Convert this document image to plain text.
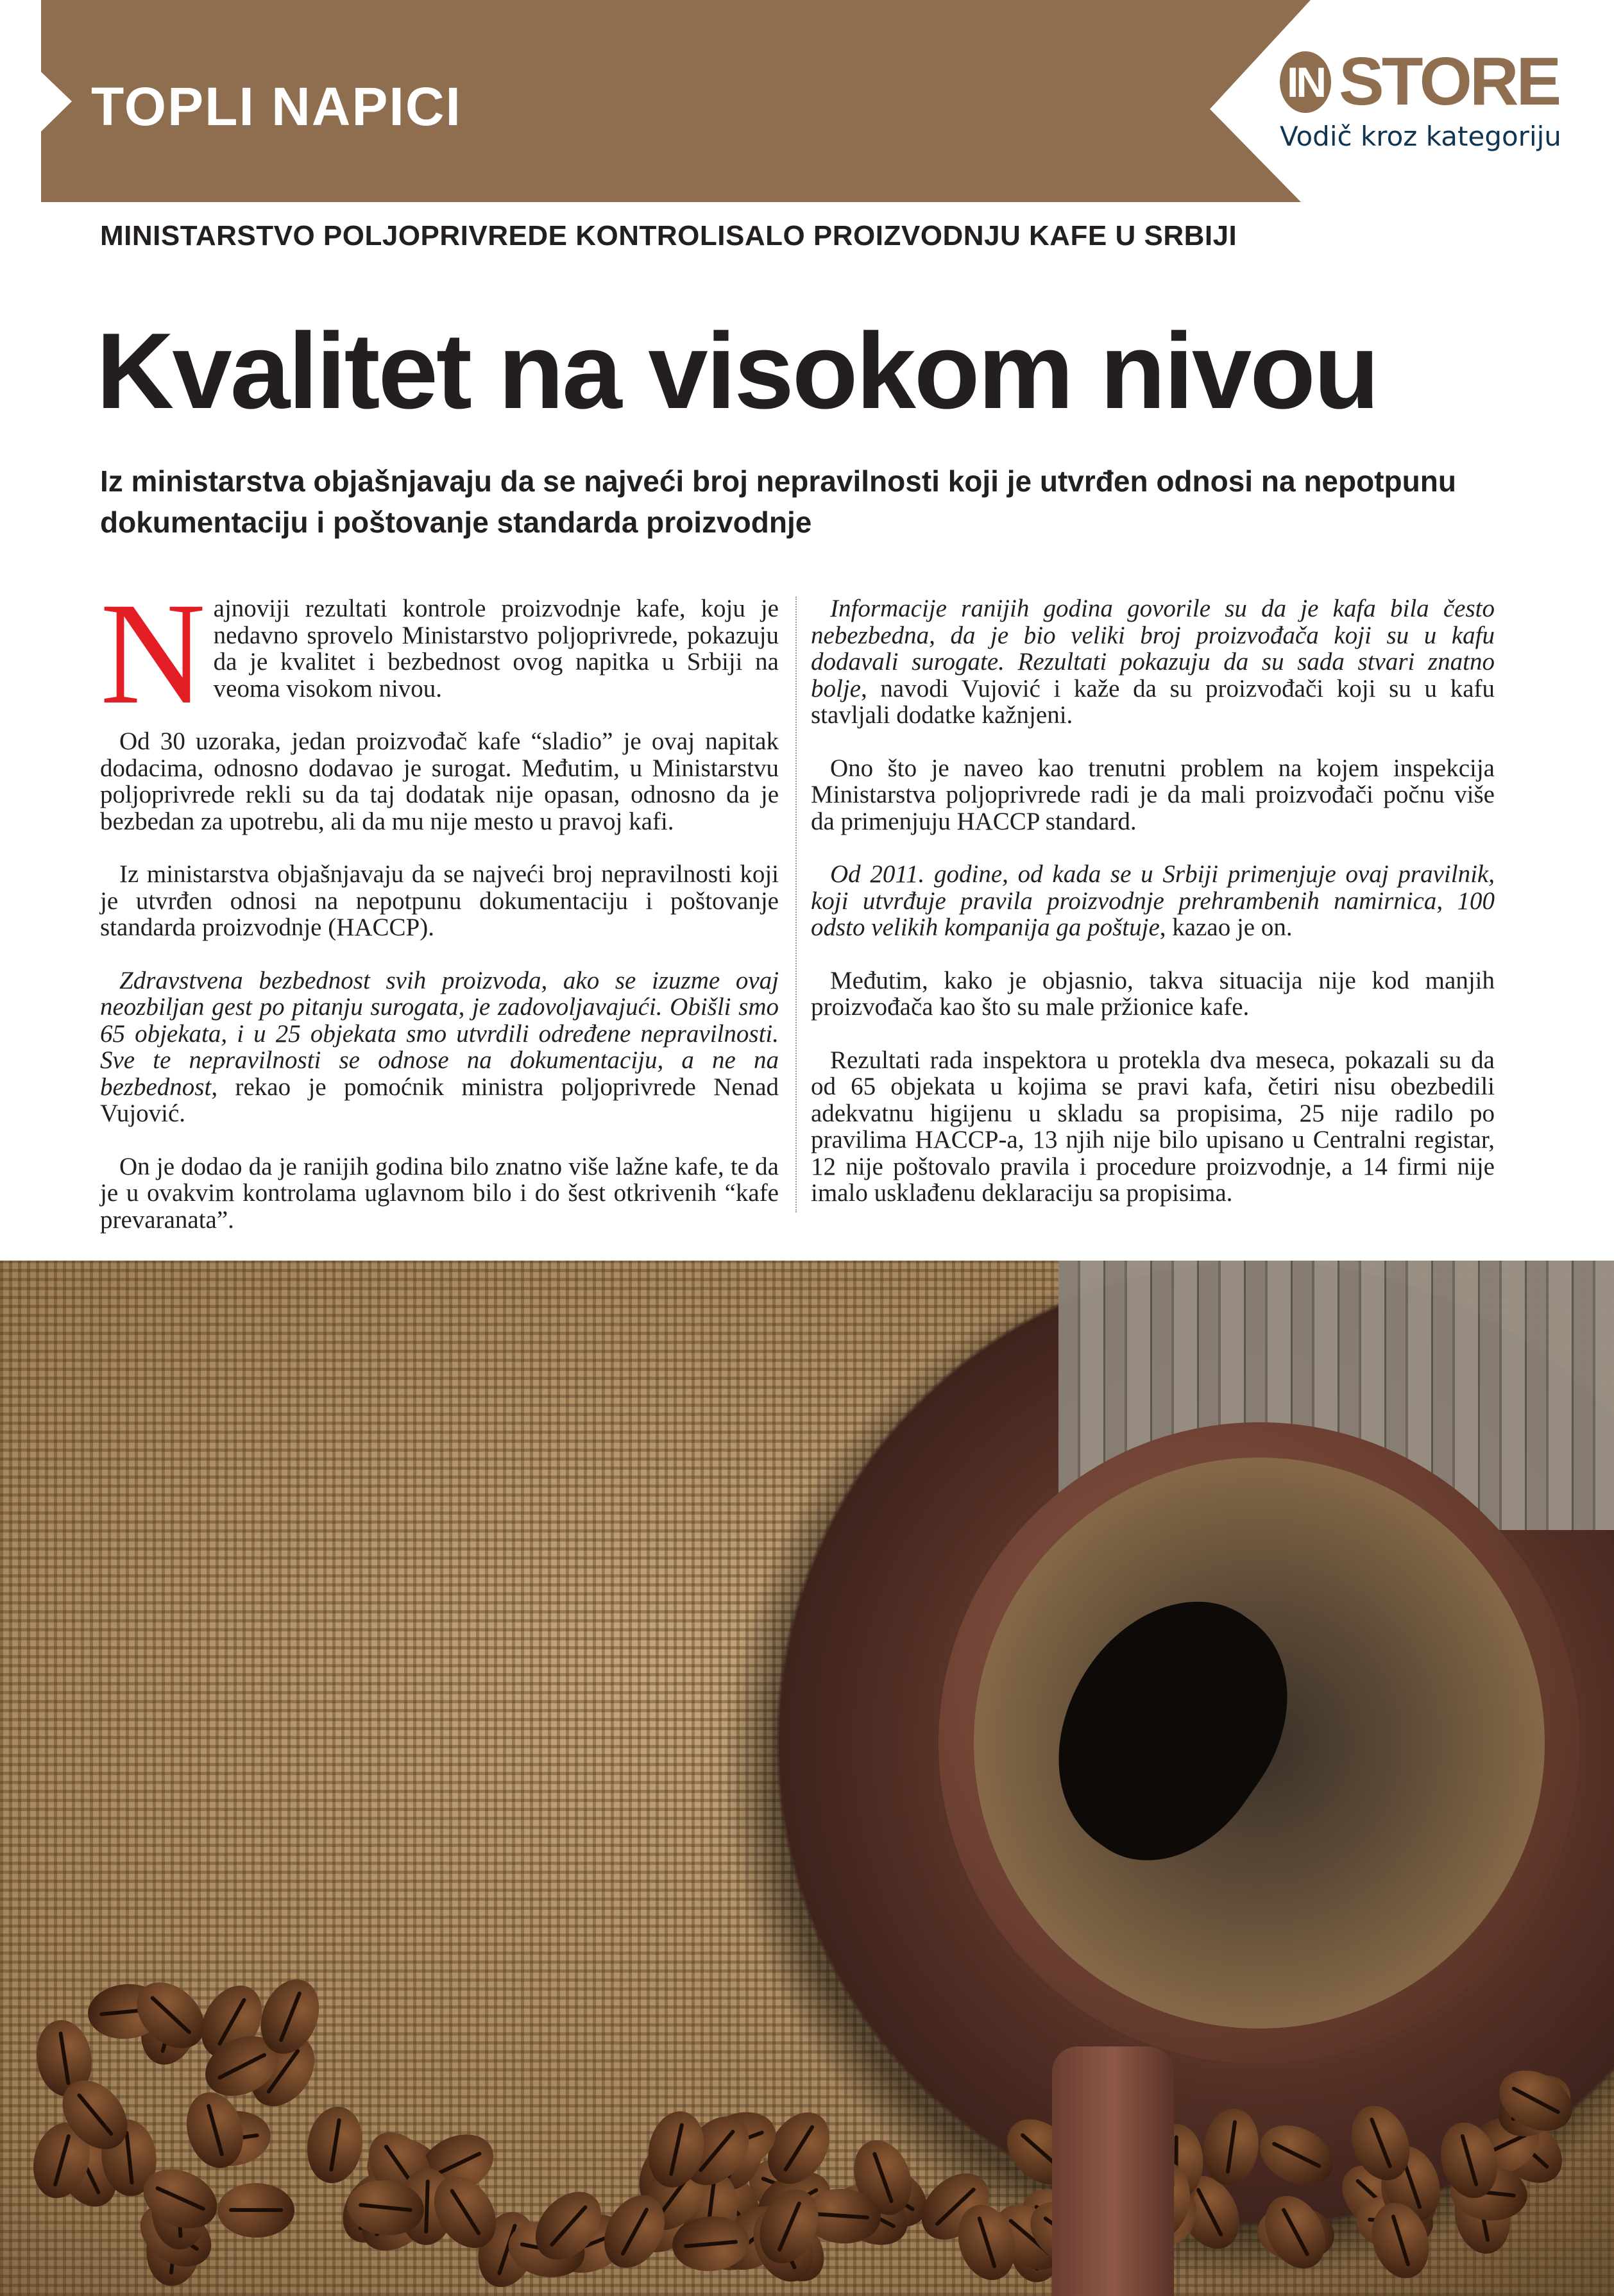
TOPLI NAPICI	IN STORE
Vodič kroz kategoriju
MINISTARSTVO POLJOPRIVREDE KONTROLISALO PROIZVODNJU KAFE U SRBIJI
Kvalitet na visokom nivou
Iz ministarstva objašnjavaju da se najveći broj nepravilnosti koji je utvrđen odnosi na nepotpunu dokumentaciju i poštovanje standarda proizvodnje

Najnoviji rezultati kontrole proizvodnje kafe, koju je nedavno sprovelo Ministarstvo poljoprivrede, pokazuju da je kvalitet i bezbednost ovog napitka u Srbiji na veoma visokom nivou.

Od 30 uzoraka, jedan proizvođač kafe “sladio” je ovaj napitak dodacima, odnosno dodavao je surogat. Međutim, u Ministarstvu poljoprivrede rekli su da taj dodatak nije opasan, odnosno da je bezbedan za upotrebu, ali da mu nije mesto u pravoj kafi.

Iz ministarstva objašnjavaju da se najveći broj nepravilnosti koji je utvrđen odnosi na nepotpunu dokumentaciju i poštovanje standarda proizvodnje (HACCP).

Zdravstvena bezbednost svih proizvoda, ako se izuzme ovaj neozbiljan gest po pitanju surogata, je zadovoljavajući. Obišli smo 65 objekata, i u 25 objekata smo utvrdili određene nepravilnosti. Sve te nepravilnosti se odnose na dokumentaciju, a ne na bezbednost, rekao je pomoćnik ministra poljoprivrede Nenad Vujović.

On je dodao da je ranijih godina bilo znatno više lažne kafe, te da je u ovakvim kontrolama uglavnom bilo i do šest otkrivenih “kafe prevaranata”.

Informacije ranijih godina govorile su da je kafa bila često nebezbedna, da je bio veliki broj proizvođača koji su u kafu dodavali surogate. Rezultati pokazuju da su sada stvari znatno bolje, navodi Vujović i kaže da su proizvođači koji su u kafu stavljali dodatke kažnjeni.

Ono što je naveo kao trenutni problem na kojem inspekcija Ministarstva poljoprivrede radi je da mali proizvođači počnu više da primenjuju HACCP standard.

Od 2011. godine, od kada se u Srbiji primenjuje ovaj pravilnik, koji utvrđuje pravila proizvodnje prehrambenih namirnica, 100 odsto velikih kompanija ga poštuje, kazao je on.

Međutim, kako je objasnio, takva situacija nije kod manjih proizvođača kao što su male pržionice kafe.

Rezultati rada inspektora u protekla dva meseca, pokazali su da od 65 objekata u kojima se pravi kafa, četiri nisu obezbedili adekvatnu higijenu u skladu sa propisima, 25 nije radilo po pravilima HACCP-a, 13 njih nije bilo upisano u Centralni registar, 12 nije poštovalo pravila i procedure proizvodnje, a 14 firmi nije imalo usklađenu deklaraciju sa propisima.
